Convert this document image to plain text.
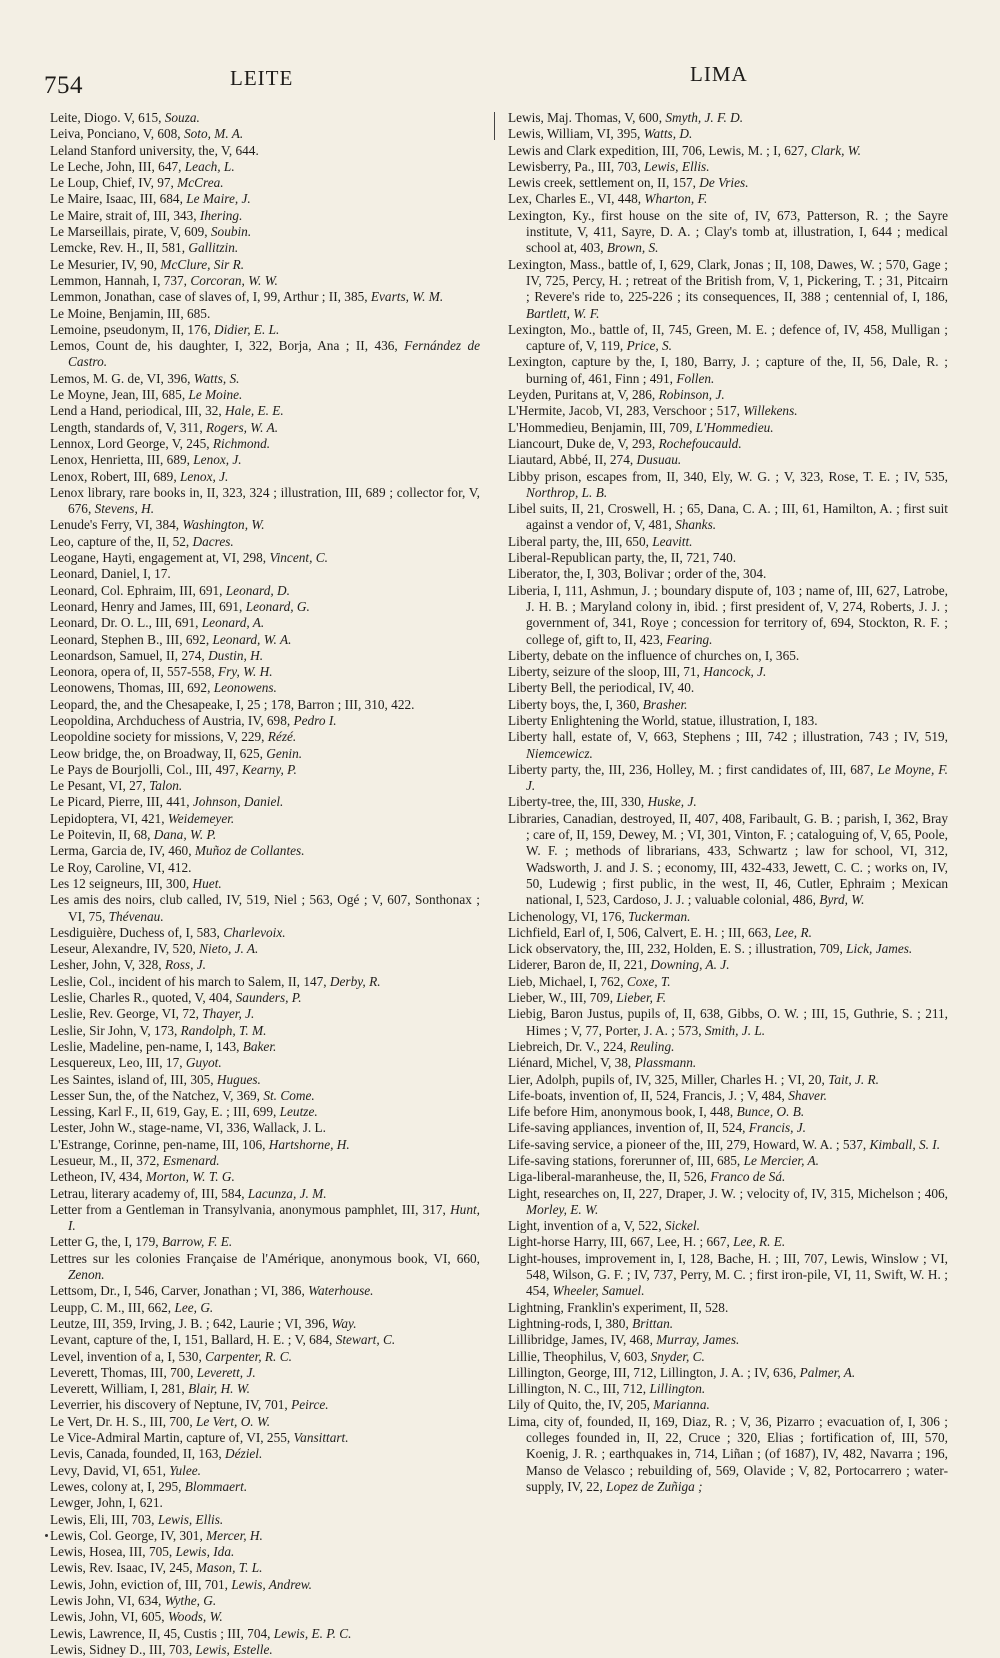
754	LEITE	LIMA

Leite, Diogo. V, 615, Souza.

Leiva, Ponciano, V, 608, Soto, M. A.

Leland Stanford university, the, V, 644.

Le Leche, John, III, 647, Leach, L.

Le Loup, Chief, IV, 97, McCrea.

Le Maire, Isaac, III, 684, Le Maire, J.

Le Maire, strait of, III, 343, Ihering.

Le Marseillais, pirate, V, 609, Soubin.

Lemcke, Rev. H., II, 581, Gallitzin.

Le Mesurier, IV, 90, McClure, Sir R.

Lemmon, Hannah, I, 737, Corcoran, W. W.

Lemmon, Jonathan, case of slaves of, I, 99, Arthur ; II, 385, Evarts, W. M.

Le Moine, Benjamin, III, 685.

Lemoine, pseudonym, II, 176, Didier, E. L.

Lemos, Count de, his daughter, I, 322, Borja, Ana ; II, 436, Fernández de Castro.

Lemos, M. G. de, VI, 396, Watts, S.

Le Moyne, Jean, III, 685, Le Moine.

Lend a Hand, periodical, III, 32, Hale, E. E.

Length, standards of, V, 311, Rogers, W. A.

Lennox, Lord George, V, 245, Richmond.

Lenox, Henrietta, III, 689, Lenox, J.

Lenox, Robert, III, 689, Lenox, J.

Lenox library, rare books in, II, 323, 324 ; illustration, III, 689 ; collector for, V, 676, Stevens, H.

Lenude's Ferry, VI, 384, Washington, W.

Leo, capture of the, II, 52, Dacres.

Leogane, Hayti, engagement at, VI, 298, Vincent, C.

Leonard, Daniel, I, 17.

Leonard, Col. Ephraim, III, 691, Leonard, D.

Leonard, Henry and James, III, 691, Leonard, G.

Leonard, Dr. O. L., III, 691, Leonard, A.

Leonard, Stephen B., III, 692, Leonard, W. A.

Leonardson, Samuel, II, 274, Dustin, H.

Leonora, opera of, II, 557-558, Fry, W. H.

Leonowens, Thomas, III, 692, Leonowens.

Leopard, the, and the Chesapeake, I, 25 ; 178, Barron ; III, 310, 422.

Leopoldina, Archduchess of Austria, IV, 698, Pedro I.

Leopoldine society for missions, V, 229, Rézé.

Leow bridge, the, on Broadway, II, 625, Genin.

Le Pays de Bourjolli, Col., III, 497, Kearny, P.

Le Pesant, VI, 27, Talon.

Le Picard, Pierre, III, 441, Johnson, Daniel.

Lepidoptera, VI, 421, Weidemeyer.

Le Poitevin, II, 68, Dana, W. P.

Lerma, Garcia de, IV, 460, Muñoz de Collantes.

Le Roy, Caroline, VI, 412.

Les 12 seigneurs, III, 300, Huet.

Les amis des noirs, club called, IV, 519, Niel ; 563, Ogé ; V, 607, Sonthonax ; VI, 75, Thévenau.

Lesdiguière, Duchess of, I, 583, Charlevoix.

Leseur, Alexandre, IV, 520, Nieto, J. A.

Lesher, John, V, 328, Ross, J.

Leslie, Col., incident of his march to Salem, II, 147, Derby, R.

Leslie, Charles R., quoted, V, 404, Saunders, P.

Leslie, Rev. George, VI, 72, Thayer, J.

Leslie, Sir John, V, 173, Randolph, T. M.

Leslie, Madeline, pen-name, I, 143, Baker.

Lesquereux, Leo, III, 17, Guyot.

Les Saintes, island of, III, 305, Hugues.

Lesser Sun, the, of the Natchez, V, 369, St. Come.

Lessing, Karl F., II, 619, Gay, E. ; III, 699, Leutze.

Lester, John W., stage-name, VI, 336, Wallack, J. L.

L'Estrange, Corinne, pen-name, III, 106, Hartshorne, H.

Lesueur, M., II, 372, Esmenard.

Letheon, IV, 434, Morton, W. T. G.

Letrau, literary academy of, III, 584, Lacunza, J. M.

Letter from a Gentleman in Transylvania, anonymous pamphlet, III, 317, Hunt, I.

Letter G, the, I, 179, Barrow, F. E.

Lettres sur les colonies Française de l'Amérique, anonymous book, VI, 660, Zenon.

Lettsom, Dr., I, 546, Carver, Jonathan ; VI, 386, Waterhouse.

Leupp, C. M., III, 662, Lee, G.

Leutze, III, 359, Irving, J. B. ; 642, Laurie ; VI, 396, Way.

Levant, capture of the, I, 151, Ballard, H. E. ; V, 684, Stewart, C.

Level, invention of a, I, 530, Carpenter, R. C.

Leverett, Thomas, III, 700, Leverett, J.

Leverett, William, I, 281, Blair, H. W.

Leverrier, his discovery of Neptune, IV, 701, Peirce.

Le Vert, Dr. H. S., III, 700, Le Vert, O. W.

Le Vice-Admiral Martin, capture of, VI, 255, Vansittart.

Levis, Canada, founded, II, 163, Déziel.

Levy, David, VI, 651, Yulee.

Lewes, colony at, I, 295, Blommaert.

Lewger, John, I, 621.

Lewis, Eli, III, 703, Lewis, Ellis.

Lewis, Col. George, IV, 301, Mercer, H.

Lewis, Hosea, III, 705, Lewis, Ida.

Lewis, Rev. Isaac, IV, 245, Mason, T. L.

Lewis, John, eviction of, III, 701, Lewis, Andrew.

Lewis John, VI, 634, Wythe, G.

Lewis, John, VI, 605, Woods, W.

Lewis, Lawrence, II, 45, Custis ; III, 704, Lewis, E. P. C.

Lewis, Sidney D., III, 703, Lewis, Estelle.

Lewis, Maj. Thomas, V, 600, Smyth, J. F. D.

Lewis, William, VI, 395, Watts, D.

Lewis and Clark expedition, III, 706, Lewis, M. ; I, 627, Clark, W.

Lewisberry, Pa., III, 703, Lewis, Ellis.

Lewis creek, settlement on, II, 157, De Vries.

Lex, Charles E., VI, 448, Wharton, F.

Lexington, Ky., first house on the site of, IV, 673, Patterson, R. ; the Sayre institute, V, 411, Sayre, D. A. ; Clay's tomb at, illustration, I, 644 ; medical school at, 403, Brown, S.

Lexington, Mass., battle of, I, 629, Clark, Jonas ; II, 108, Dawes, W. ; 570, Gage ; IV, 725, Percy, H. ; retreat of the British from, V, 1, Pickering, T. ; 31, Pitcairn ; Revere's ride to, 225-226 ; its consequences, II, 388 ; centennial of, I, 186, Bartlett, W. F.

Lexington, Mo., battle of, II, 745, Green, M. E. ; defence of, IV, 458, Mulligan ; capture of, V, 119, Price, S.

Lexington, capture by the, I, 180, Barry, J. ; capture of the, II, 56, Dale, R. ; burning of, 461, Finn ; 491, Follen.

Leyden, Puritans at, V, 286, Robinson, J.

L'Hermite, Jacob, VI, 283, Verschoor ; 517, Willekens.

L'Hommedieu, Benjamin, III, 709, L'Hommedieu.

Liancourt, Duke de, V, 293, Rochefoucauld.

Liautard, Abbé, II, 274, Dusuau.

Libby prison, escapes from, II, 340, Ely, W. G. ; V, 323, Rose, T. E. ; IV, 535, Northrop, L. B.

Libel suits, II, 21, Croswell, H. ; 65, Dana, C. A. ; III, 61, Hamilton, A. ; first suit against a vendor of, V, 481, Shanks.

Liberal party, the, III, 650, Leavitt.

Liberal-Republican party, the, II, 721, 740.

Liberator, the, I, 303, Bolivar ; order of the, 304.

Liberia, I, 111, Ashmun, J. ; boundary dispute of, 103 ; name of, III, 627, Latrobe, J. H. B. ; Maryland colony in, ibid. ; first president of, V, 274, Roberts, J. J. ; government of, 341, Roye ; concession for territory of, 694, Stockton, R. F. ; college of, gift to, II, 423, Fearing.

Liberty, debate on the influence of churches on, I, 365.

Liberty, seizure of the sloop, III, 71, Hancock, J.

Liberty Bell, the periodical, IV, 40.

Liberty boys, the, I, 360, Brasher.

Liberty Enlightening the World, statue, illustration, I, 183.

Liberty hall, estate of, V, 663, Stephens ; III, 742 ; illustration, 743 ; IV, 519, Niemcewicz.

Liberty party, the, III, 236, Holley, M. ; first candidates of, III, 687, Le Moyne, F. J.

Liberty-tree, the, III, 330, Huske, J.

Libraries, Canadian, destroyed, II, 407, 408, Faribault, G. B. ; parish, I, 362, Bray ; care of, II, 159, Dewey, M. ; VI, 301, Vinton, F. ; cataloguing of, V, 65, Poole, W. F. ; methods of librarians, 433, Schwartz ; law for school, VI, 312, Wadsworth, J. and J. S. ; economy, III, 432-433, Jewett, C. C. ; works on, IV, 50, Ludewig ; first public, in the west, II, 46, Cutler, Ephraim ; Mexican national, I, 523, Cardoso, J. J. ; valuable colonial, 486, Byrd, W.

Lichenology, VI, 176, Tuckerman.

Lichfield, Earl of, I, 506, Calvert, E. H. ; III, 663, Lee, R.

Lick observatory, the, III, 232, Holden, E. S. ; illustration, 709, Lick, James.

Liderer, Baron de, II, 221, Downing, A. J.

Lieb, Michael, I, 762, Coxe, T.

Lieber, W., III, 709, Lieber, F.

Liebig, Baron Justus, pupils of, II, 638, Gibbs, O. W. ; III, 15, Guthrie, S. ; 211, Himes ; V, 77, Porter, J. A. ; 573, Smith, J. L.

Liebreich, Dr. V., 224, Reuling.

Liénard, Michel, V, 38, Plassmann.

Lier, Adolph, pupils of, IV, 325, Miller, Charles H. ; VI, 20, Tait, J. R.

Life-boats, invention of, II, 524, Francis, J. ; V, 484, Shaver.

Life before Him, anonymous book, I, 448, Bunce, O. B.

Life-saving appliances, invention of, II, 524, Francis, J.

Life-saving service, a pioneer of the, III, 279, Howard, W. A. ; 537, Kimball, S. I.

Life-saving stations, forerunner of, III, 685, Le Mercier, A.

Liga-liberal-maranheuse, the, II, 526, Franco de Sá.

Light, researches on, II, 227, Draper, J. W. ; velocity of, IV, 315, Michelson ; 406, Morley, E. W.

Light, invention of a, V, 522, Sickel.

Light-horse Harry, III, 667, Lee, H. ; 667, Lee, R. E.

Light-houses, improvement in, I, 128, Bache, H. ; III, 707, Lewis, Winslow ; VI, 548, Wilson, G. F. ; IV, 737, Perry, M. C. ; first iron-pile, VI, 11, Swift, W. H. ; 454, Wheeler, Samuel.

Lightning, Franklin's experiment, II, 528.

Lightning-rods, I, 380, Brittan.

Lillibridge, James, IV, 468, Murray, James.

Lillie, Theophilus, V, 603, Snyder, C.

Lillington, George, III, 712, Lillington, J. A. ; IV, 636, Palmer, A.

Lillington, N. C., III, 712, Lillington.

Lily of Quito, the, IV, 205, Marianna.

Lima, city of, founded, II, 169, Diaz, R. ; V, 36, Pizarro ; evacuation of, I, 306 ; colleges founded in, II, 22, Cruce ; 320, Elias ; fortification of, III, 570, Koenig, J. R. ; earthquakes in, 714, Liñan ; (of 1687), IV, 482, Navarra ; 196, Manso de Velasco ; rebuilding of, 569, Olavide ; V, 82, Portocarrero ; water-supply, IV, 22, Lopez de Zuñiga ;
